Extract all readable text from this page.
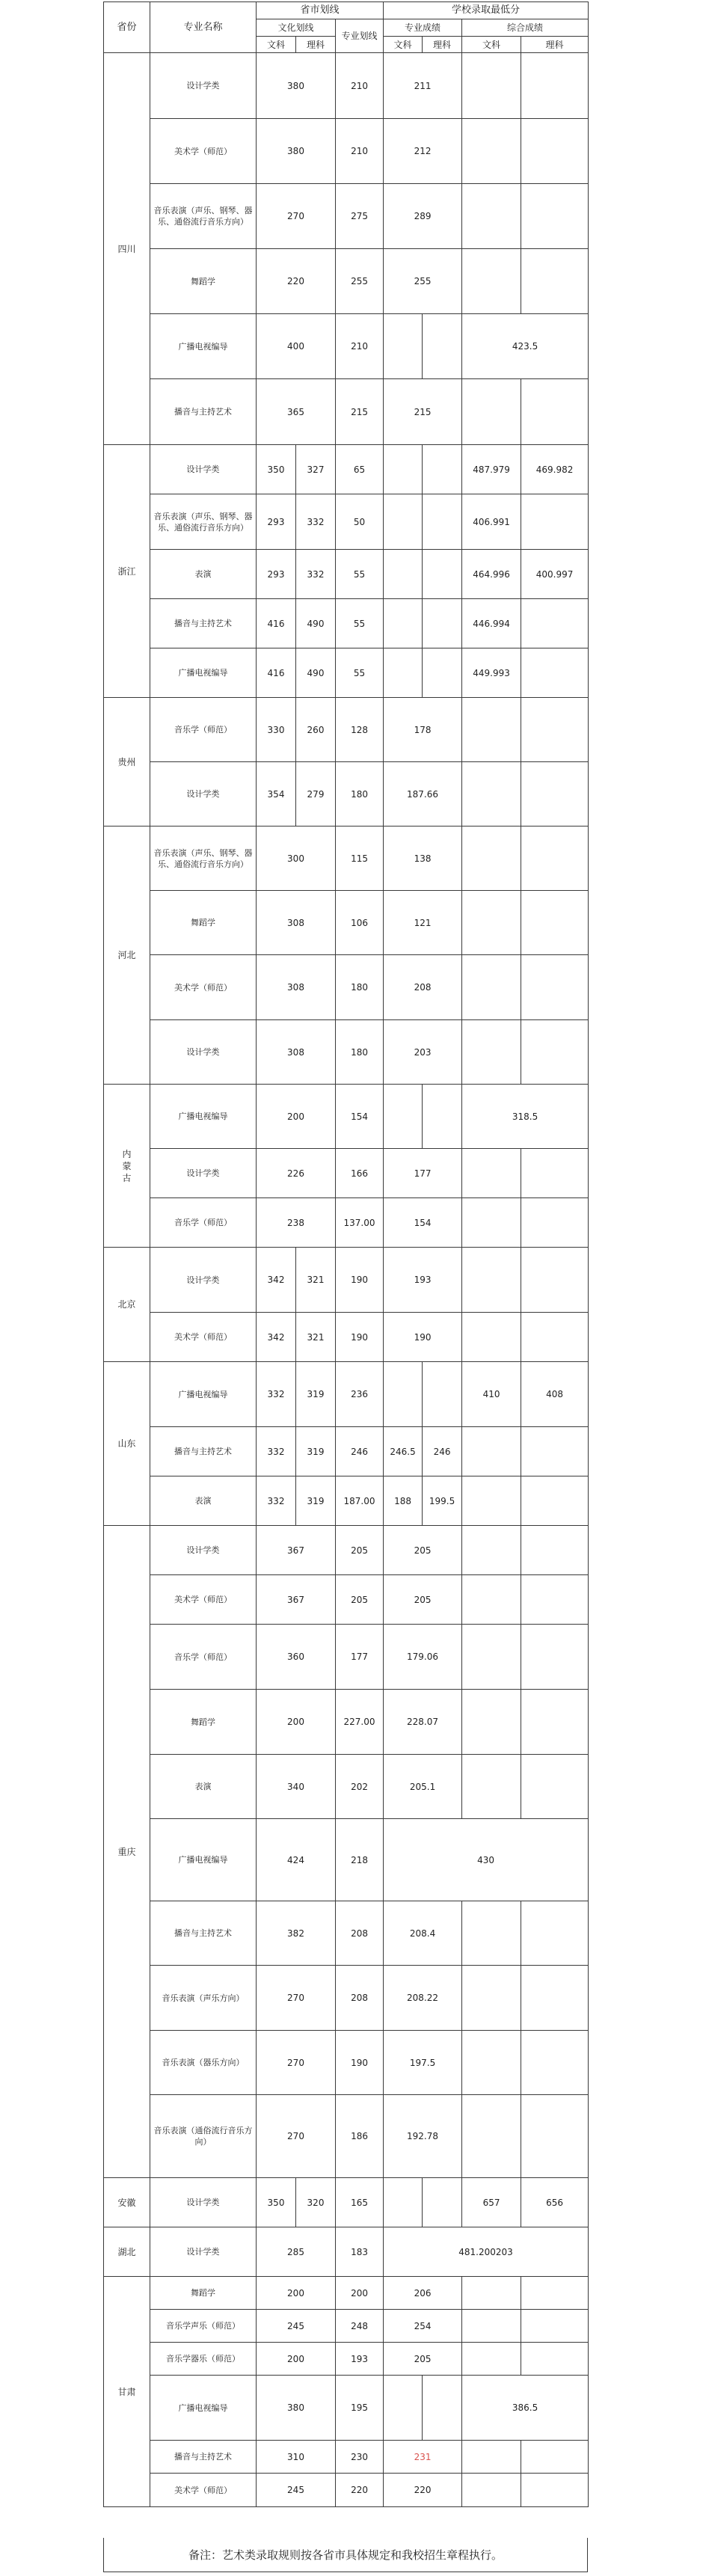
省份	专业名称	省市划线			学校录取最低分			
		文化划线		专业划线	专业成绩		综合成绩	
		文科	理科		文科	理科	文科	理科
四川	设计学类	380		210	211			
	美术学（师范）	380		210	212			
	音乐表演（声乐、钢琴、器乐、通俗流行音乐方向）	270		275	289			
	舞蹈学	220		255	255			
	广播电视编导	400		210			423.5	
	播音与主持艺术	365		215	215			
浙江	设计学类	350	327	65			487.979	469.982
	音乐表演（声乐、钢琴、器乐、通俗流行音乐方向）	293	332	50			406.991	
	表演	293	332	55			464.996	400.997
	播音与主持艺术	416	490	55			446.994	
	广播电视编导	416	490	55			449.993	
贵州	音乐学（师范）	330	260	128	178			
	设计学类	354	279	180	187.66			
河北	音乐表演（声乐、钢琴、器乐、通俗流行音乐方向）	300		115	138			
	舞蹈学	308		106	121			
	美术学（师范）	308		180	208			
	设计学类	308		180	203			
内蒙古	广播电视编导	200		154			318.5	
	设计学类	226		166	177			
	音乐学（师范）	238		137.00	154			
北京	设计学类	342	321	190	193			
	美术学（师范）	342	321	190	190			
山东	广播电视编导	332	319	236			410	408
	播音与主持艺术	332	319	246	246.5	246		
	表演	332	319	187.00	188	199.5		
重庆	设计学类	367		205	205			
	美术学（师范）	367		205	205			
	音乐学（师范）	360		177	179.06			
	舞蹈学	200		227.00	228.07			
	表演	340		202	205.1			
	广播电视编导	424		218	430			
	播音与主持艺术	382		208	208.4			
	音乐表演（声乐方向）	270		208	208.22			
	音乐表演（器乐方向）	270		190	197.5			
	音乐表演（通俗流行音乐方向）	270		186	192.78			
安徽	设计学类	350	320	165			657	656
湖北	设计学类	285		183	481.200203			
甘肃	舞蹈学	200		200	206			
	音乐学声乐（师范）	245		248	254			
	音乐学器乐（师范）	200		193	205			
	广播电视编导	380		195			386.5	
	播音与主持艺术	310		230	231			
	美术学（师范）	245		220	220			
备注：艺术类录取规则按各省市具体规定和我校招生章程执行。
